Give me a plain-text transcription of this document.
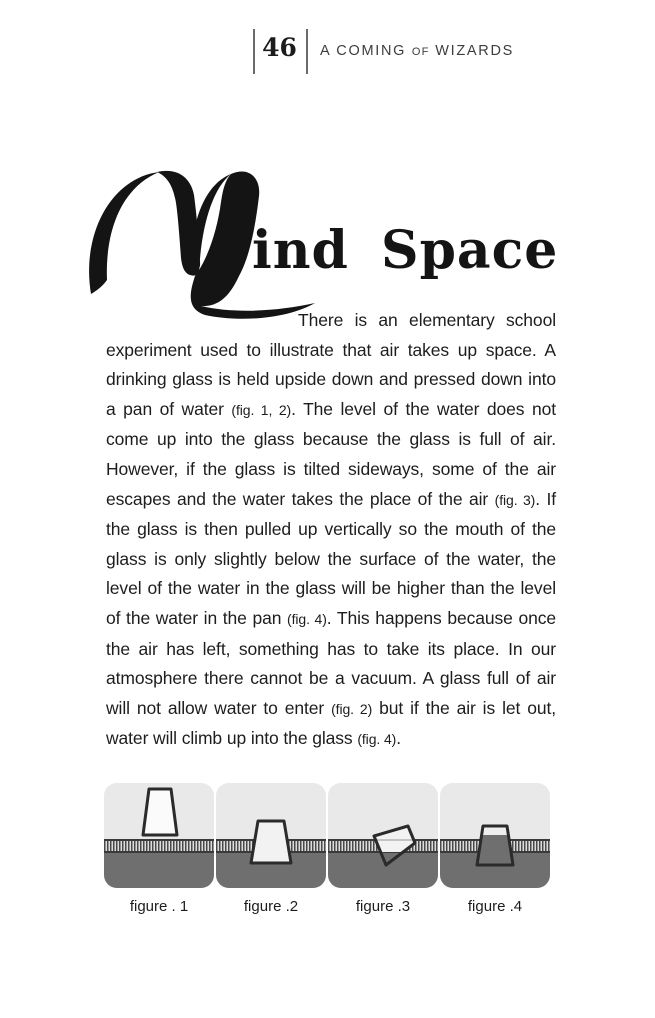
46	A COMING OF WIZARDS
ind Space

There is an elementary school experiment used to illustrate that air takes up space. A drinking glass is held upside down and pressed down into a pan of water (fig. 1, 2). The level of the water does not come up into the glass because the glass is full of air. However, if the glass is tilted sideways, some of the air escapes and the water takes the place of the air (fig. 3). If the glass is then pulled up vertically so the mouth of the glass is only slightly below the surface of the water, the level of the water in the glass will be higher than the level of the water in the pan (fig. 4). This happens because once the air has left, something has to take its place. In our atmosphere there cannot be a vacuum. A glass full of air will not allow water to enter (fig. 2) but if the air is let out, water will climb up into the glass (fig. 4).

figure . 1	figure .2	figure .3	figure .4
